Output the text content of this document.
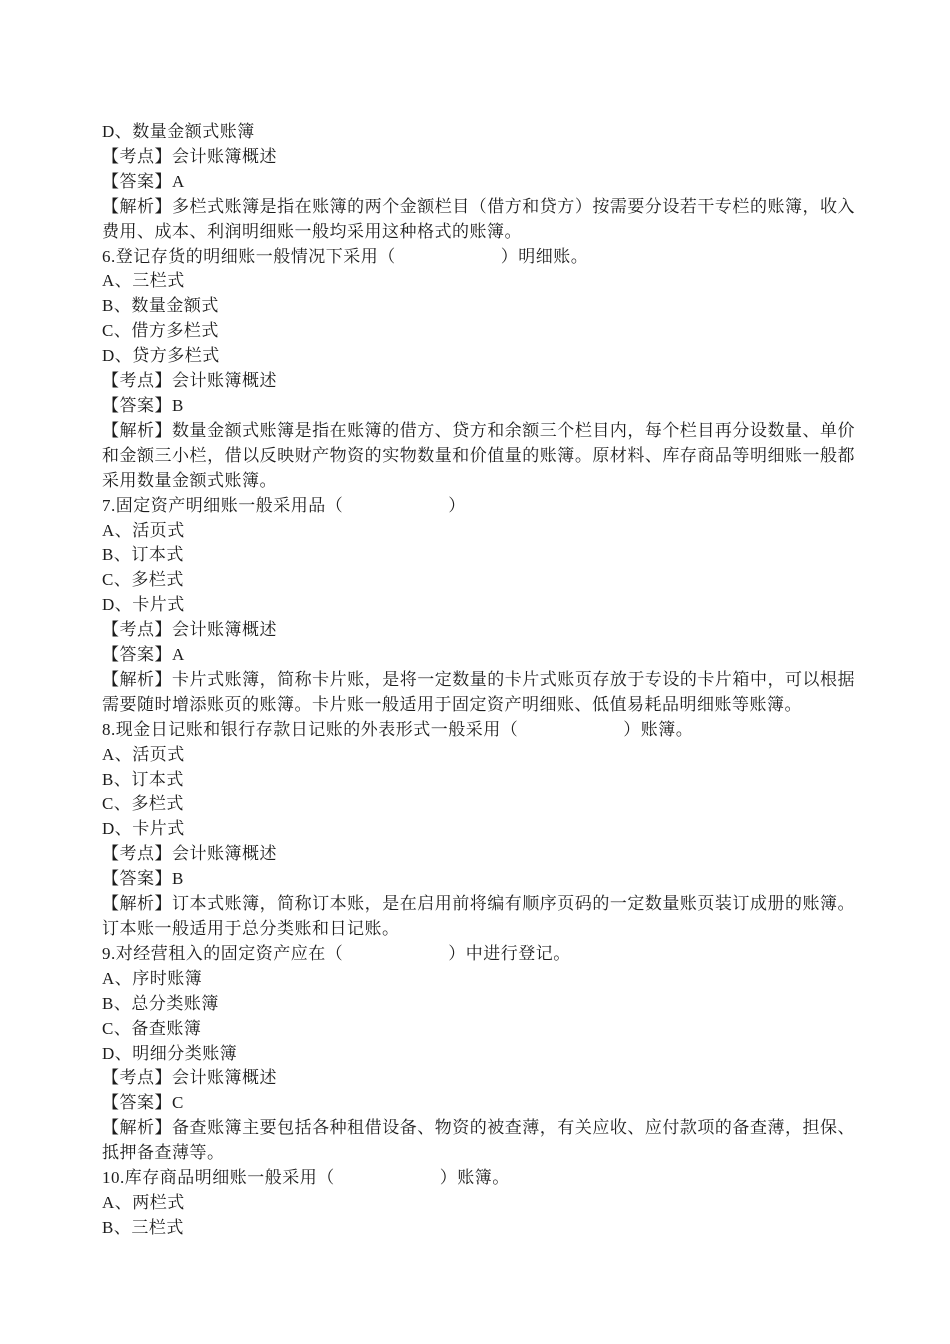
D、数量金额式账簿
【考点】会计账簿概述
【答案】A
【解析】多栏式账簿是指在账簿的两个金额栏目（借方和贷方）按需要分设若干专栏的账簿，收入费用、成本、利润明细账一般均采用这种格式的账簿。
6.登记存货的明细账一般情况下采用（　　　　　　）明细账。
A、三栏式
B、数量金额式
C、借方多栏式
D、贷方多栏式
【考点】会计账簿概述
【答案】B
【解析】数量金额式账簿是指在账簿的借方、贷方和余额三个栏目内，每个栏目再分设数量、单价和金额三小栏，借以反映财产物资的实物数量和价值量的账簿。原材料、库存商品等明细账一般都采用数量金额式账簿。
7.固定资产明细账一般采用品（　　　　　　）
A、活页式
B、订本式
C、多栏式
D、卡片式
【考点】会计账簿概述
【答案】A
【解析】卡片式账簿，简称卡片账，是将一定数量的卡片式账页存放于专设的卡片箱中，可以根据需要随时增添账页的账簿。卡片账一般适用于固定资产明细账、低值易耗品明细账等账簿。
8.现金日记账和银行存款日记账的外表形式一般采用（　　　　　　）账簿。
A、活页式
B、订本式
C、多栏式
D、卡片式
【考点】会计账簿概述
【答案】B
【解析】订本式账簿，简称订本账，是在启用前将编有顺序页码的一定数量账页装订成册的账簿。订本账一般适用于总分类账和日记账。
9.对经营租入的固定资产应在（　　　　　　）中进行登记。
A、序时账簿
B、总分类账簿
C、备查账簿
D、明细分类账簿
【考点】会计账簿概述
【答案】C
【解析】备查账簿主要包括各种租借设备、物资的被查薄，有关应收、应付款项的备查薄，担保、抵押备查薄等。
10.库存商品明细账一般采用（　　　　　　）账簿。
A、两栏式
B、三栏式
